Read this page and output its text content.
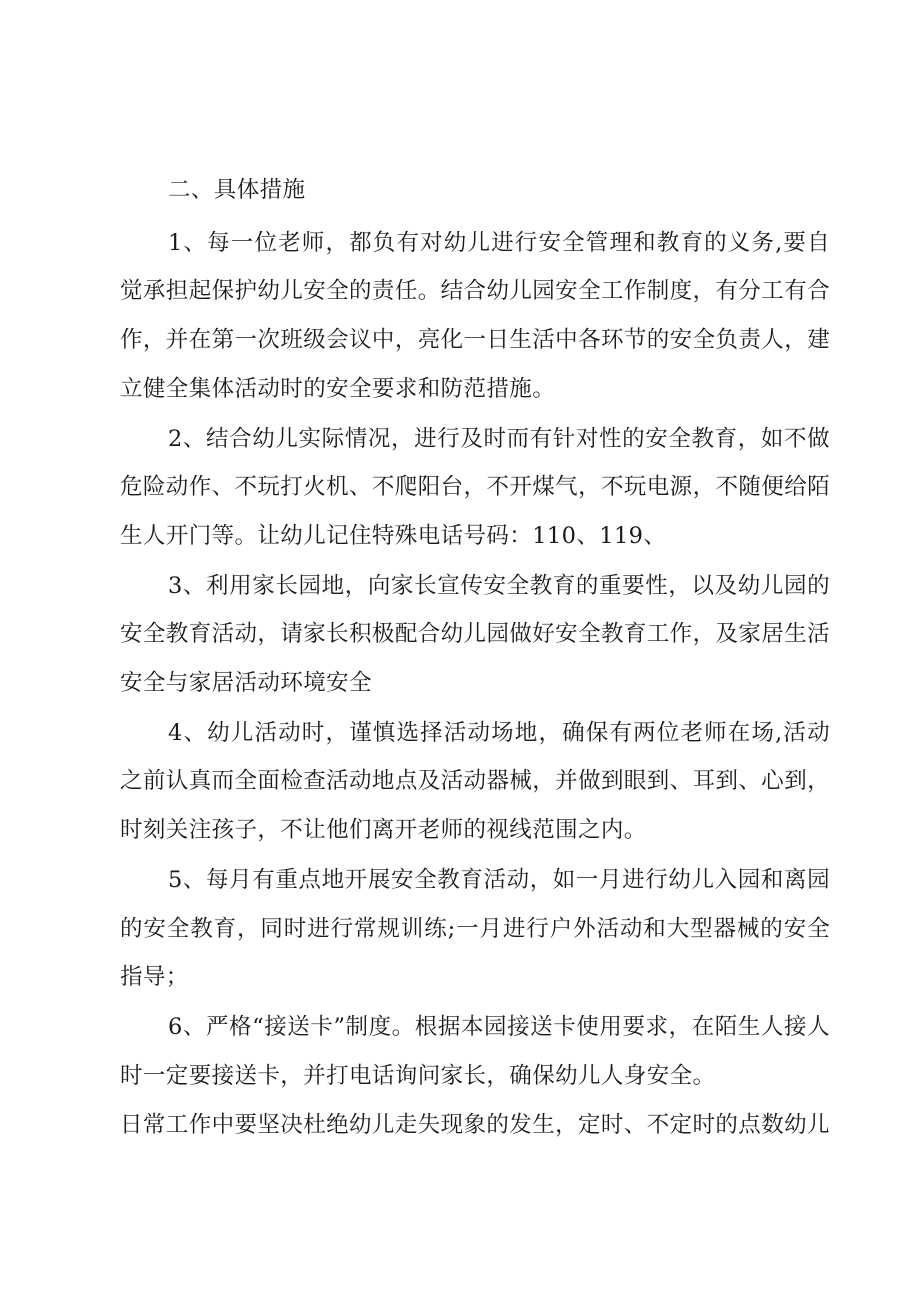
二、具体措施

1、每一位老师，都负有对幼儿进行安全管理和教育的义务,要自觉承担起保护幼儿安全的责任。结合幼儿园安全工作制度，有分工有合作，并在第一次班级会议中，亮化一日生活中各环节的安全负责人，建立健全集体活动时的安全要求和防范措施。

2、结合幼儿实际情况，进行及时而有针对性的安全教育，如不做危险动作、不玩打火机、不爬阳台，不开煤气，不玩电源，不随便给陌生人开门等。让幼儿记住特殊电话号码：110、119、

3、利用家长园地，向家长宣传安全教育的重要性，以及幼儿园的安全教育活动，请家长积极配合幼儿园做好安全教育工作，及家居生活安全与家居活动环境安全

4、幼儿活动时，谨慎选择活动场地，确保有两位老师在场,活动之前认真而全面检查活动地点及活动器械，并做到眼到、耳到、心到，时刻关注孩子，不让他们离开老师的视线范围之内。

5、每月有重点地开展安全教育活动，如一月进行幼儿入园和离园的安全教育，同时进行常规训练;一月进行户外活动和大型器械的安全指导；

6、严格“接送卡”制度。根据本园接送卡使用要求，在陌生人接人时一定要接送卡，并打电话询问家长，确保幼儿人身安全。

日常工作中要坚决杜绝幼儿走失现象的发生，定时、不定时的点数幼儿
